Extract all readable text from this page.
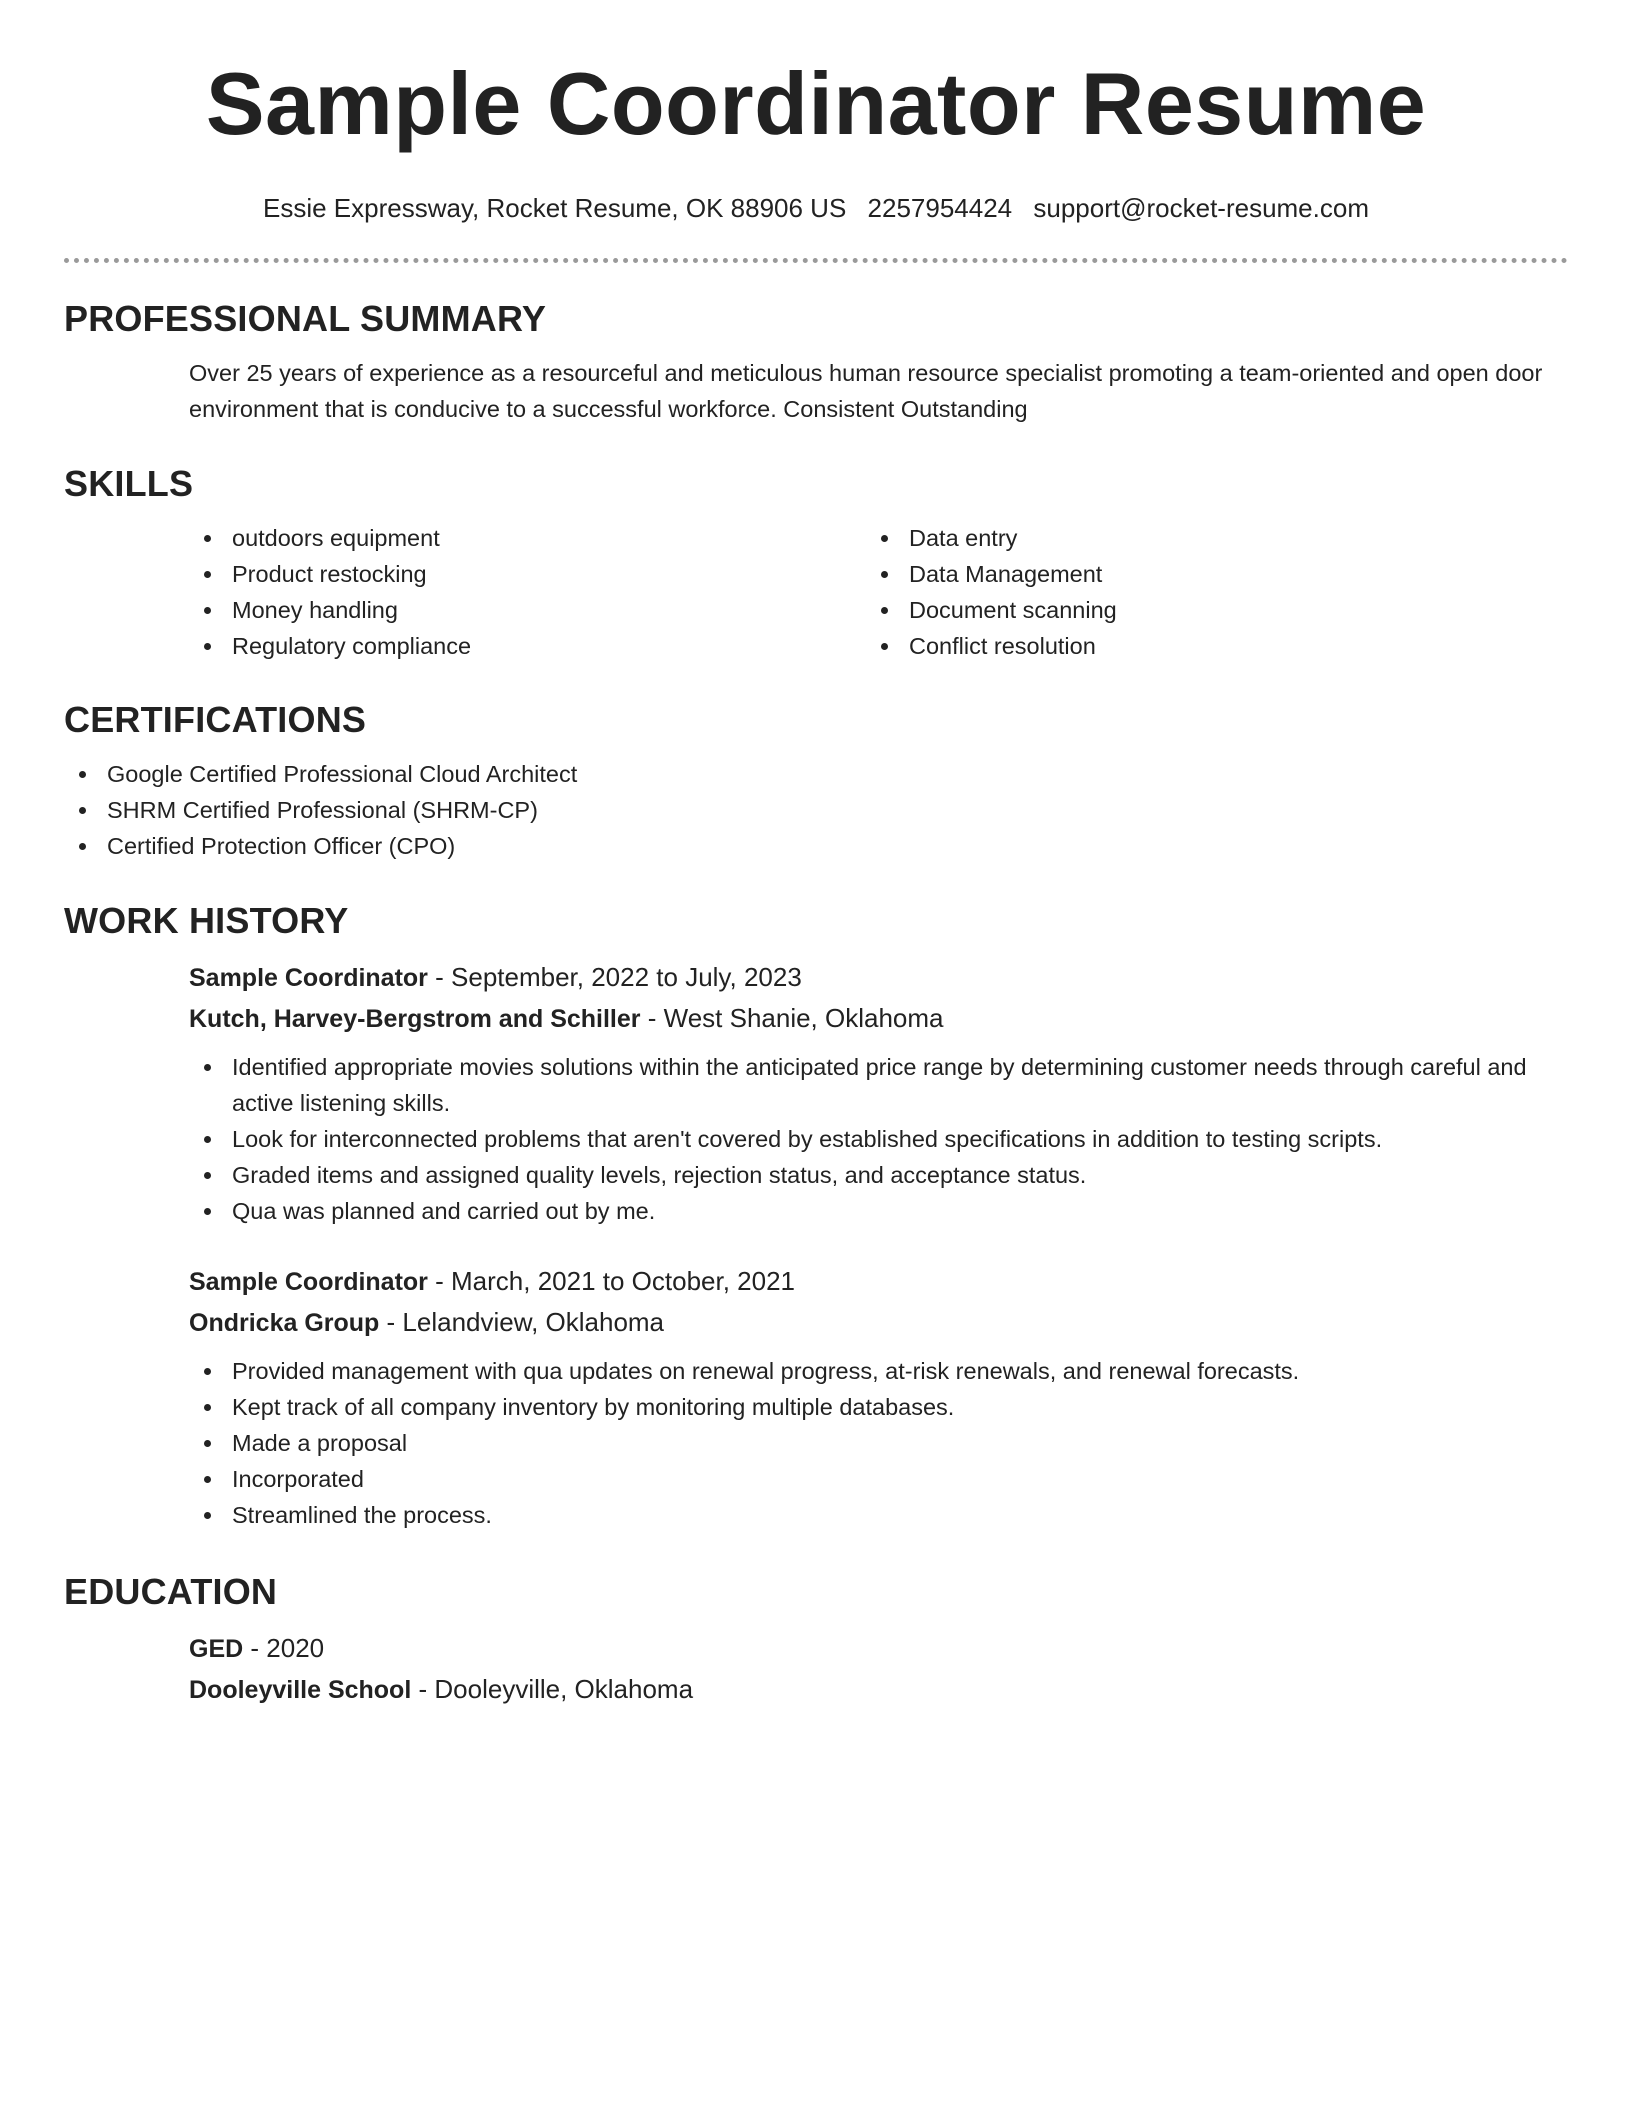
Sample Coordinator Resume
Essie Expressway, Rocket Resume, OK 88906 US 2257954424 support@rocket-resume.com
PROFESSIONAL SUMMARY
Over 25 years of experience as a resourceful and meticulous human resource specialist promoting a team-oriented and open door environment that is conducive to a successful workforce. Consistent Outstanding
SKILLS
outdoors equipment
Product restocking
Money handling
Regulatory compliance
Data entry
Data Management
Document scanning
Conflict resolution
CERTIFICATIONS
Google Certified Professional Cloud Architect
SHRM Certified Professional (SHRM-CP)
Certified Protection Officer (CPO)
WORK HISTORY
Sample Coordinator - September, 2022 to July, 2023
Kutch, Harvey-Bergstrom and Schiller - West Shanie, Oklahoma
Identified appropriate movies solutions within the anticipated price range by determining customer needs through careful and active listening skills.
Look for interconnected problems that aren't covered by established specifications in addition to testing scripts.
Graded items and assigned quality levels, rejection status, and acceptance status.
Qua was planned and carried out by me.
Sample Coordinator - March, 2021 to October, 2021
Ondricka Group - Lelandview, Oklahoma
Provided management with qua updates on renewal progress, at-risk renewals, and renewal forecasts.
Kept track of all company inventory by monitoring multiple databases.
Made a proposal
Incorporated
Streamlined the process.
EDUCATION
GED - 2020
Dooleyville School - Dooleyville, Oklahoma
